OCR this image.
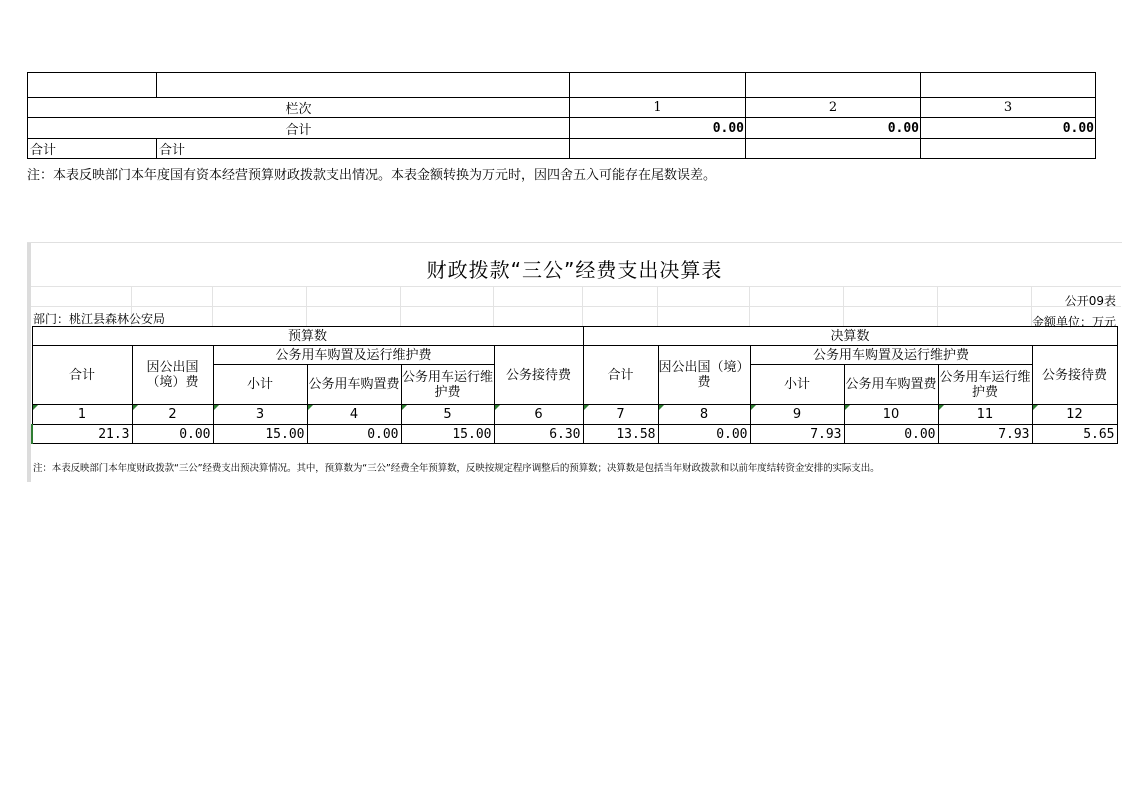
栏次		1	2	3
合计		0.00	0.00	0.00
合计	合计			
注：本表反映部门本年度国有资本经营预算财政拨款支出情况。本表金额转换为万元时，因四舍五入可能存在尾数误差。
财政拨款“三公”经费支出决算表
公开09表
部门：桃江县森林公安局	金额单位：万元
预算数						决算数					
合计	因公出国（境）费	公务用车购置及运行维护费			公务接待费	合计	因公出国（境）费	公务用车购置及运行维护费			公务接待费
		小计	公务用车购置费	公务用车运行维护费				小计	公务用车购置费	公务用车运行维护费	
1	2	3	4	5	6	7	8	9	10	11	12
21.3	0.00	15.00	0.00	15.00	6.30	13.58	0.00	7.93	0.00	7.93	5.65
注：本表反映部门本年度财政拨款“三公”经费支出预决算情况。其中，预算数为“三公”经费全年预算数，反映按规定程序调整后的预算数；决算数是包括当年财政拨款和以前年度结转资金安排的实际支出。
